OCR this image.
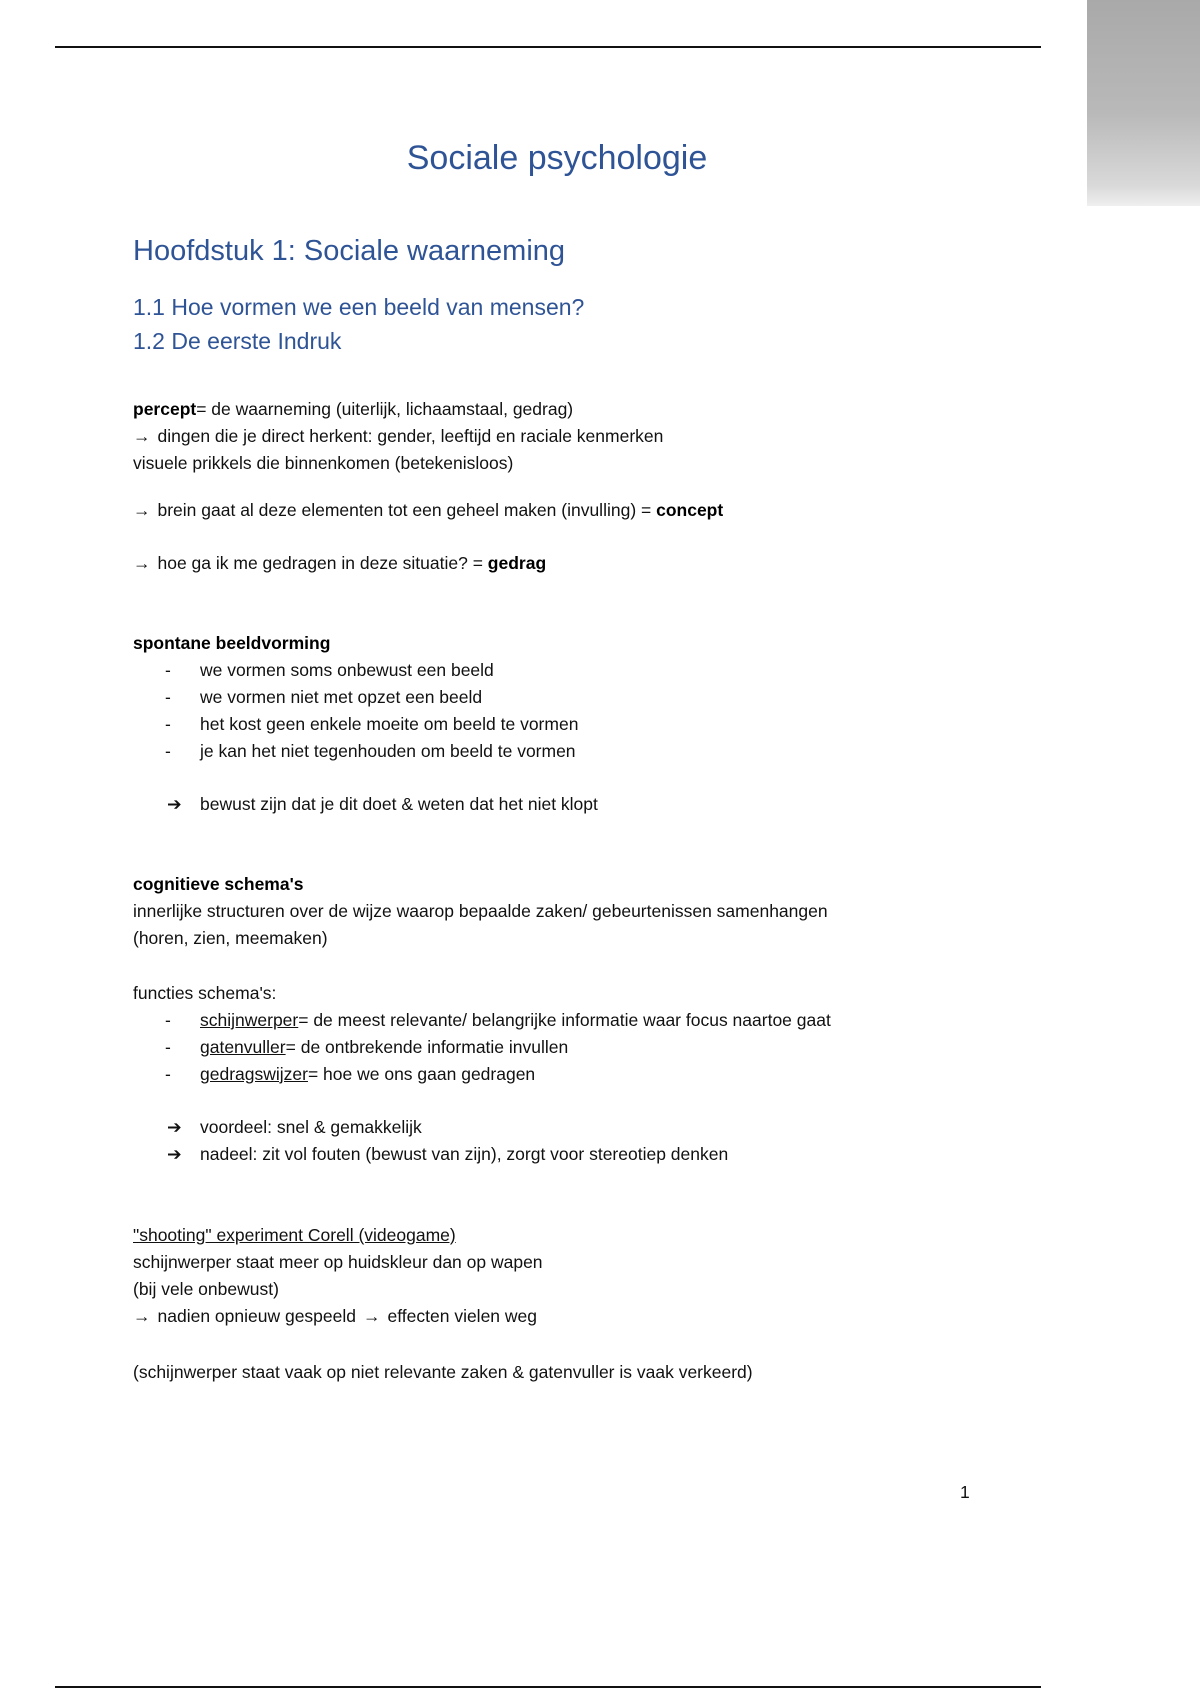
Sociale psychologie
Hoofdstuk 1: Sociale waarneming
1.1 Hoe vormen we een beeld van mensen?
1.2 De eerste Indruk

percept= de waarneming (uiterlijk, lichaamstaal, gedrag)
→ dingen die je direct herkent: gender, leeftijd en raciale kenmerken
visuele prikkels die binnenkomen (betekenisloos)

→ brein gaat al deze elementen tot een geheel maken (invulling) = concept

→ hoe ga ik me gedragen in deze situatie? = gedrag

spontane beeldvorming
- we vormen soms onbewust een beeld
- we vormen niet met opzet een beeld
- het kost geen enkele moeite om beeld te vormen
- je kan het niet tegenhouden om beeld te vormen

➔ bewust zijn dat je dit doet & weten dat het niet klopt

cognitieve schema's
innerlijke structuren over de wijze waarop bepaalde zaken/ gebeurtenissen samenhangen
(horen, zien, meemaken)
functies schema's:
- schijnwerper= de meest relevante/ belangrijke informatie waar focus naartoe gaat
- gatenvuller= de ontbrekende informatie invullen
- gedragswijzer= hoe we ons gaan gedragen
➔ voordeel: snel & gemakkelijk
➔ nadeel: zit vol fouten (bewust van zijn), zorgt voor stereotiep denken
"shooting" experiment Corell (videogame)
schijnwerper staat meer op huidskleur dan op wapen
(bij vele onbewust)
→ nadien opnieuw gespeeld → effecten vielen weg

(schijnwerper staat vaak op niet relevante zaken & gatenvuller is vaak verkeerd)

1
